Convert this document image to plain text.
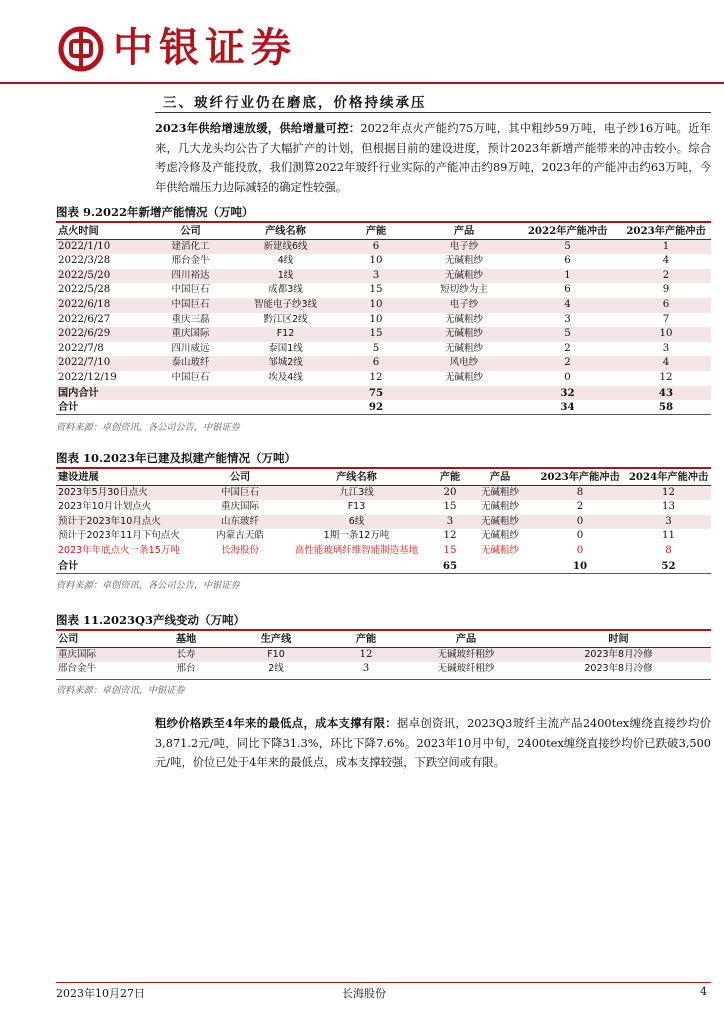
中银证券
三、玻纤行业仍在磨底，价格持续承压
2023年供给增速放缓，供给增量可控：2022年点火产能约75万吨，其中粗纱59万吨，电子纱16万吨。近年来，几大龙头均公告了大幅扩产的计划，但根据目前的建设进度，预计2023年新增产能带来的冲击较小。综合考虑冷修及产能投放，我们测算2022年玻纤行业实际的产能冲击约89万吨，2023年的产能冲击约63万吨，今年供给端压力边际减轻的确定性较强。
图表 9.2022年新增产能情况（万吨）
点火时间	公司	产线名称	产能	产品	2022年产能冲击	2023年产能冲击
2022/1/10	建滔化工	新建线6线	6	电子纱	5	1
2022/3/28	邢台金牛	4线	10	无碱粗纱	6	4
2022/5/20	四川裕达	1线	3	无碱粗纱	1	2
2022/5/28	中国巨石	成都3线	15	短切纱为主	6	9
2022/6/18	中国巨石	智能电子纱3线	10	电子纱	4	6
2022/6/27	重庆三磊	黔江区2线	10	无碱粗纱	3	7
2022/6/29	重庆国际	F12	15	无碱粗纱	5	10
2022/7/8	四川威远	泰国1线	5	无碱粗纱	2	3
2022/7/10	泰山玻纤	邹城2线	6	风电纱	2	4
2022/12/19	中国巨石	埃及4线	12	无碱粗纱	0	12
国内合计			75		32	43
合计			92		34	58
资料来源：卓创资讯，各公司公告，中银证券
图表 10.2023年已建及拟建产能情况（万吨）
建设进展	公司	产线名称	产能	产品	2023年产能冲击	2024年产能冲击
2023年5月30日点火	中国巨石	九江3线	20	无碱粗纱	8	12
2023年10月计划点火	重庆国际	F13	15	无碱粗纱	2	13
预计于2023年10月点火	山东玻纤	6线	3	无碱粗纱	0	3
预计于2023年11月下旬点火	内蒙古天皓	1期一条12万吨	12	无碱粗纱	0	11
2023年年底点火一条15万吨	长海股份	高性能玻璃纤维智能制造基地	15	无碱粗纱	0	8
合计			65		10	52
资料来源：卓创资讯，各公司公告，中银证券
图表 11.2023Q3产线变动（万吨）
公司	基地	生产线	产能	产品	时间
重庆国际	长寿	F10	12	无碱玻纤粗纱	2023年8月冷修
邢台金牛	邢台	2线	3	无碱玻纤粗纱	2023年8月冷修
资料来源：卓创资讯，中银证券
粗纱价格跌至4年来的最低点，成本支撑有限：据卓创资讯，2023Q3玻纤主流产品2400tex缠绕直接纱均价3,871.2元/吨，同比下降31.3%，环比下降7.6%。2023年10月中旬，2400tex缠绕直接纱均价已跌破3,500元/吨，价位已处于4年来的最低点，成本支撑较强，下跌空间或有限。
2023年10月27日	长海股份	4
